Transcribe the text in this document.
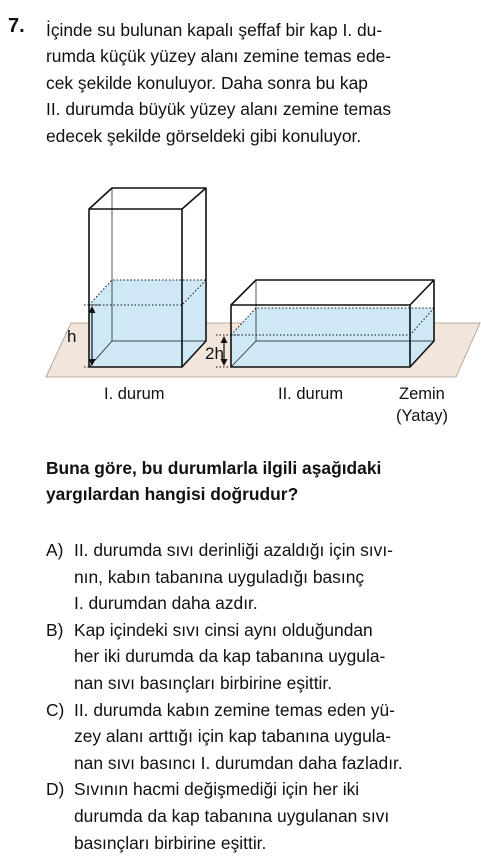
7. İçinde su bulunan kapalı şeffaf bir kap I. du-
rumda küçük yüzey alanı zemine temas ede-
cek şekilde konuluyor. Daha sonra bu kap
II. durumda büyük yüzey alanı zemine temas
edecek şekilde görseldeki gibi konuluyor.
h
2h
I. durum	II. durum	Zemin
(Yatay)
Buna göre, bu durumlarla ilgili aşağıdaki
yargılardan hangisi doğrudur?
A) II. durumda sıvı derinliği azaldığı için sıvı-
nın, kabın tabanına uyguladığı basınç
I. durumdan daha azdır.
B) Kap içindeki sıvı cinsi aynı olduğundan
her iki durumda da kap tabanına uygula-
nan sıvı basınçları birbirine eşittir.
C) II. durumda kabın zemine temas eden yü-
zey alanı arttığı için kap tabanına uygula-
nan sıvı basıncı I. durumdan daha fazladır.
D) Sıvının hacmi değişmediği için her iki
durumda da kap tabanına uygulanan sıvı
basınçları birbirine eşittir.
